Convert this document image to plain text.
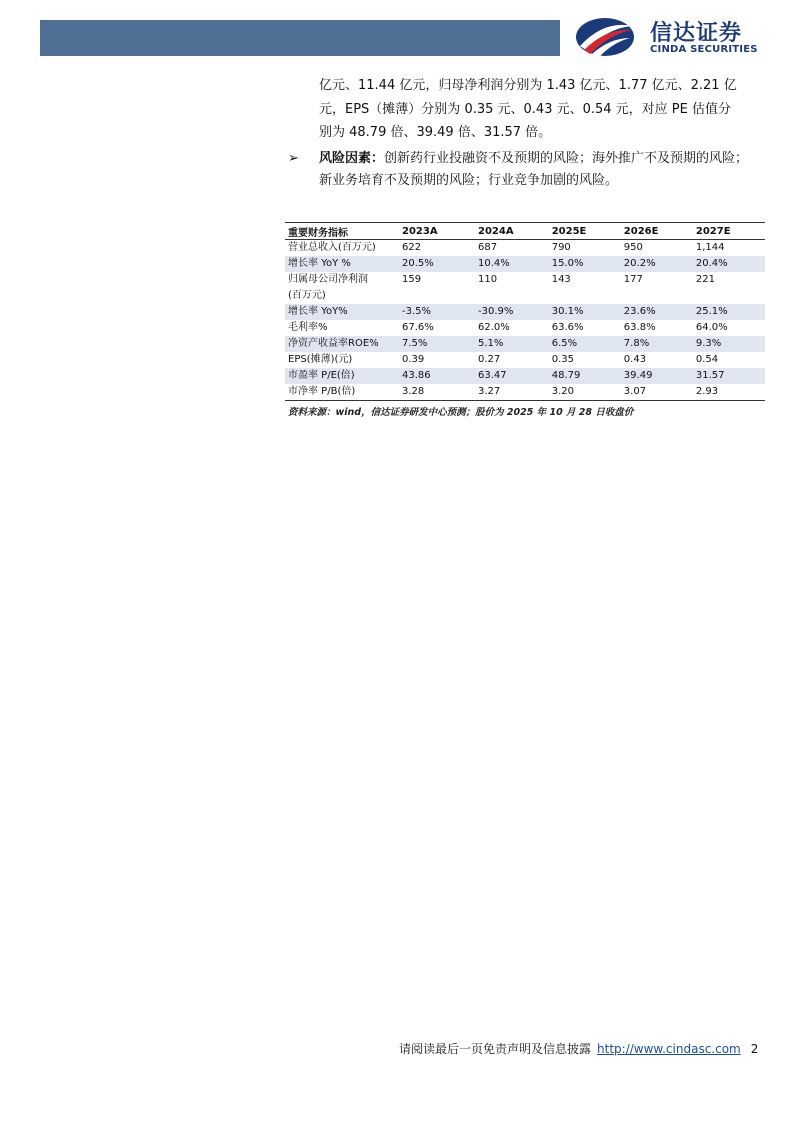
信达证券
CINDA SECURITIES
亿元、11.44 亿元，归母净利润分别为 1.43 亿元、1.77 亿元、2.21 亿
元，EPS（摊薄）分别为 0.35 元、0.43 元、0.54 元，对应 PE 估值分
别为 48.79 倍、39.49 倍、31.57 倍。
➢ 风险因素：创新药行业投融资不及预期的风险；海外推广不及预期的风险；新业务培育不及预期的风险；行业竞争加剧的风险。
重要财务指标	2023A	2024A	2025E	2026E	2027E
营业总收入(百万元)	622	687	790	950	1,144
增长率 YoY %	20.5%	10.4%	15.0%	20.2%	20.4%
归属母公司净利润	159	110	143	177	221
(百万元)					
增长率 YoY%	-3.5%	-30.9%	30.1%	23.6%	25.1%
毛利率%	67.6%	62.0%	63.6%	63.8%	64.0%
净资产收益率ROE%	7.5%	5.1%	6.5%	7.8%	9.3%
EPS(摊薄)(元)	0.39	0.27	0.35	0.43	0.54
市盈率 P/E(倍)	43.86	63.47	48.79	39.49	31.57
市净率 P/B(倍)	3.28	3.27	3.20	3.07	2.93
资料来源：wind，信达证券研发中心预测；股价为 2025 年 10 月 28 日收盘价
请阅读最后一页免责声明及信息披露 http://www.cindasc.com 2
